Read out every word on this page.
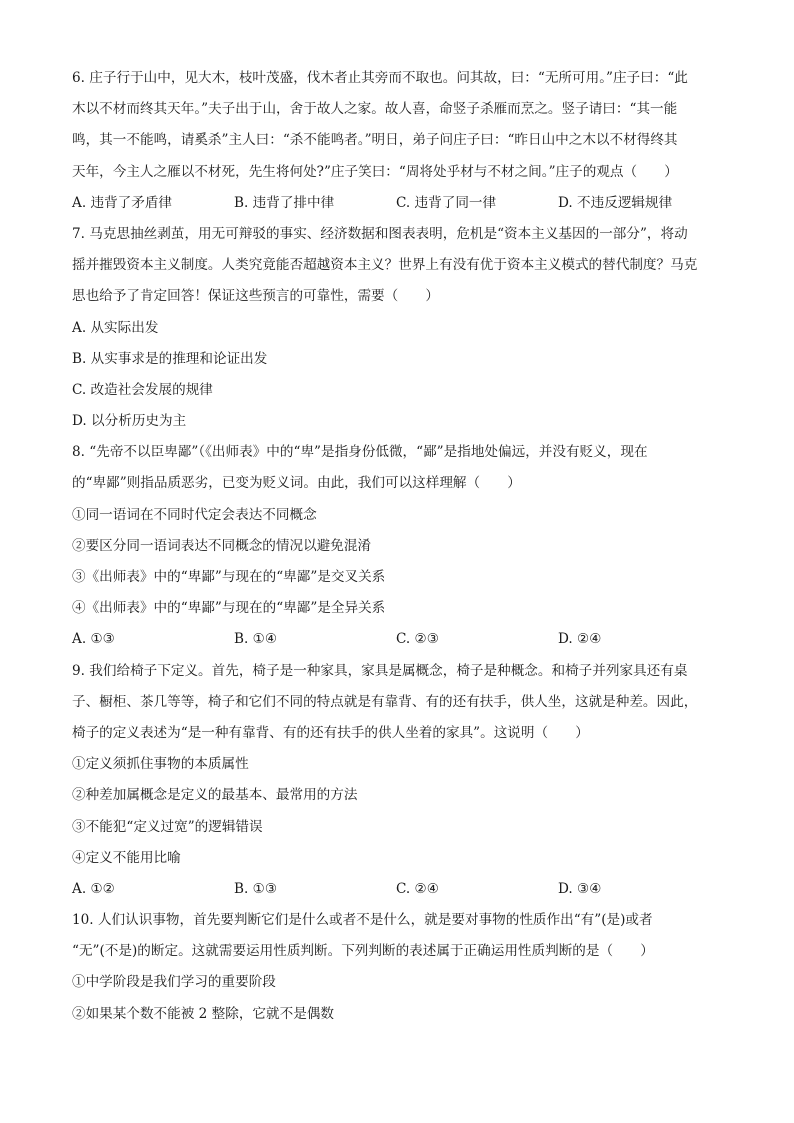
6. 庄子行于山中，见大木，枝叶茂盛，伐木者止其旁而不取也。问其故，曰：“无所可用。”庄子曰：“此
木以不材而终其天年。”夫子出于山，舍于故人之家。故人喜，命竖子杀雁而烹之。竖子请曰：“其一能
鸣，其一不能鸣，请奚杀”主人曰：“杀不能鸣者。”明日，弟子问庄子曰：“昨日山中之木以不材得终其
天年，今主人之雁以不材死，先生将何处?”庄子笑曰：“周将处乎材与不材之间。”庄子的观点（　　）
A. 违背了矛盾律	B. 违背了排中律	C. 违背了同一律	D. 不违反逻辑规律
7. 马克思抽丝剥茧，用无可辩驳的事实、经济数据和图表表明，危机是“资本主义基因的一部分”，将动
摇并摧毁资本主义制度。人类究竟能否超越资本主义？世界上有没有优于资本主义模式的替代制度？马克
思也给予了肯定回答！保证这些预言的可靠性，需要（　　）
A. 从实际出发
B. 从实事求是的推理和论证出发
C. 改造社会发展的规律
D. 以分析历史为主
8. “先帝不以臣卑鄙”（《出师表》中的“卑”是指身份低微，“鄙”是指地处偏远，并没有贬义，现在
的“卑鄙”则指品质恶劣，已变为贬义词。由此，我们可以这样理解（　　）
①同一语词在不同时代定会表达不同概念
②要区分同一语词表达不同概念的情况以避免混淆
③《出师表》中的“卑鄙”与现在的“卑鄙”是交叉关系
④《出师表》中的“卑鄙”与现在的“卑鄙”是全异关系
A. ①③	B. ①④	C. ②③	D. ②④
9. 我们给椅子下定义。首先，椅子是一种家具，家具是属概念，椅子是种概念。和椅子并列家具还有桌
子、橱柜、茶几等等，椅子和它们不同的特点就是有靠背、有的还有扶手，供人坐，这就是种差。因此，
椅子的定义表述为“是一种有靠背、有的还有扶手的供人坐着的家具”。这说明（　　）
①定义须抓住事物的本质属性
②种差加属概念是定义的最基本、最常用的方法
③不能犯“定义过宽”的逻辑错误
④定义不能用比喻
A. ①②	B. ①③	C. ②④	D. ③④
10. 人们认识事物，首先要判断它们是什么或者不是什么，就是要对事物的性质作出“有”(是)或者
“无”(不是)的断定。这就需要运用性质判断。下列判断的表述属于正确运用性质判断的是（　　）
①中学阶段是我们学习的重要阶段
②如果某个数不能被 2 整除，它就不是偶数
